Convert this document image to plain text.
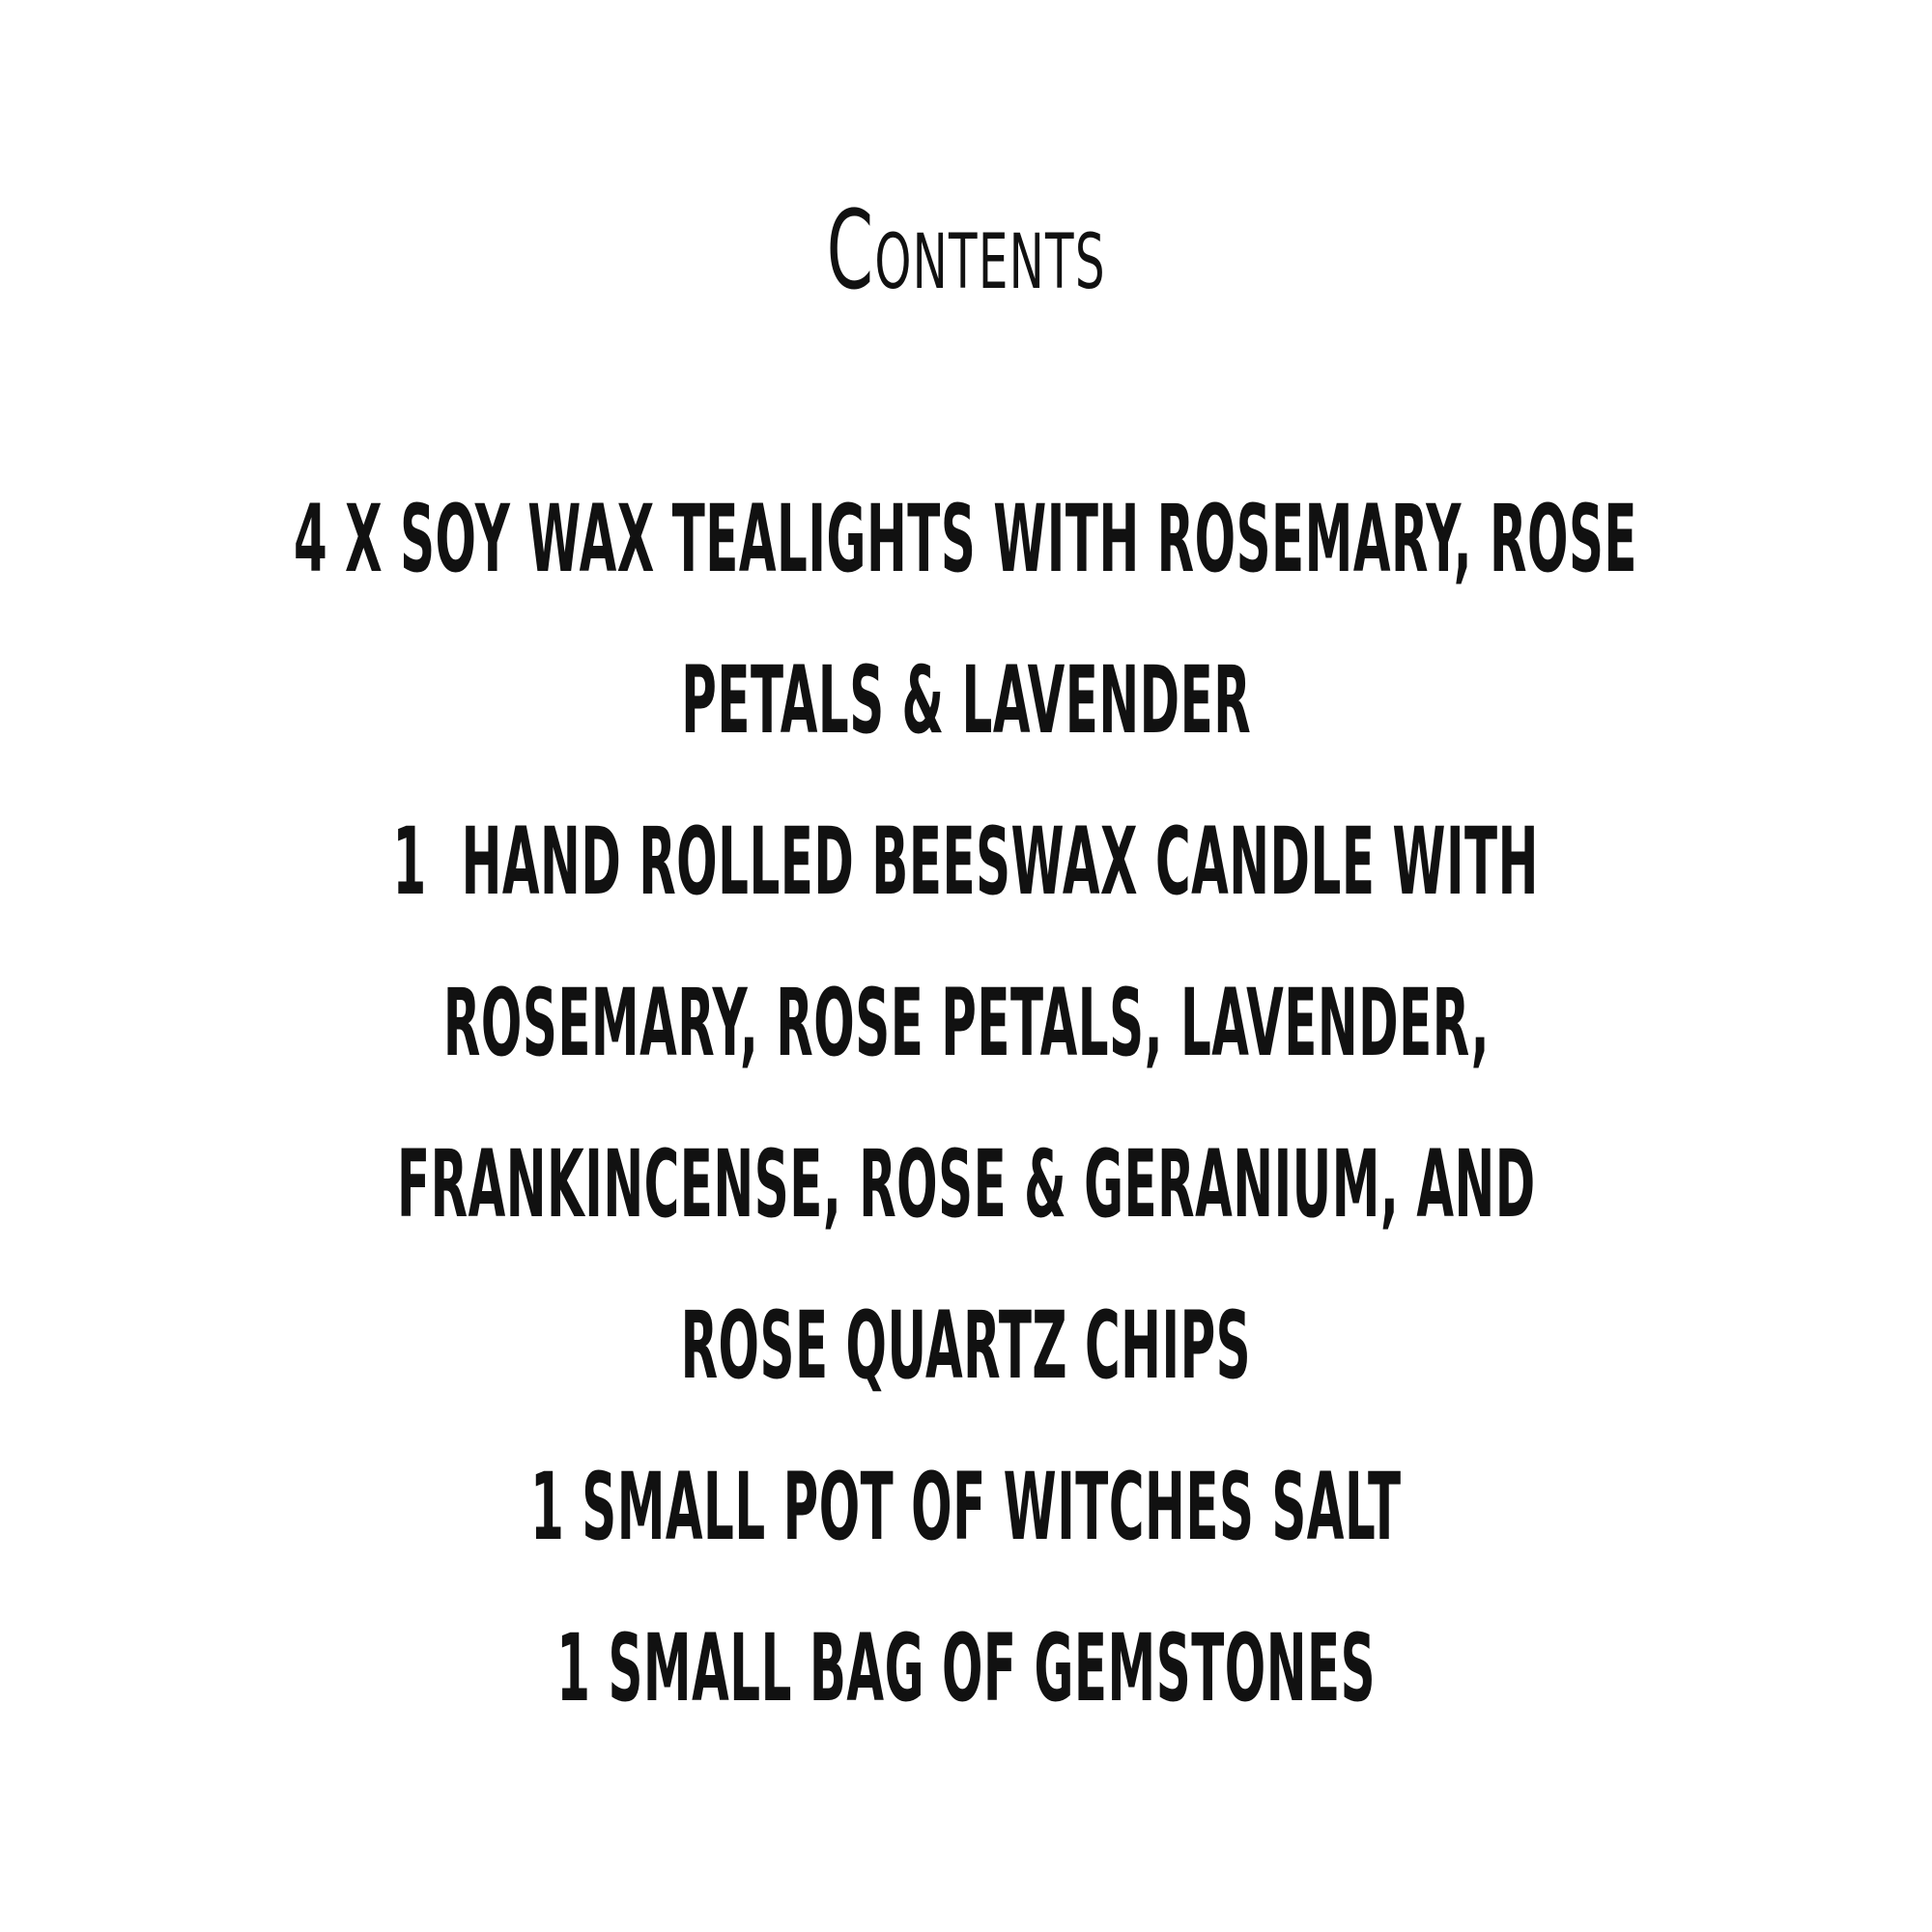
Contents
4 X SOY WAX TEALIGHTS WITH ROSEMARY, ROSE
PETALS & LAVENDER
1  HAND ROLLED BEESWAX CANDLE WITH
ROSEMARY, ROSE PETALS, LAVENDER,
FRANKINCENSE, ROSE & GERANIUM, AND
ROSE QUARTZ CHIPS
1 SMALL POT OF WITCHES SALT
1 SMALL BAG OF GEMSTONES
